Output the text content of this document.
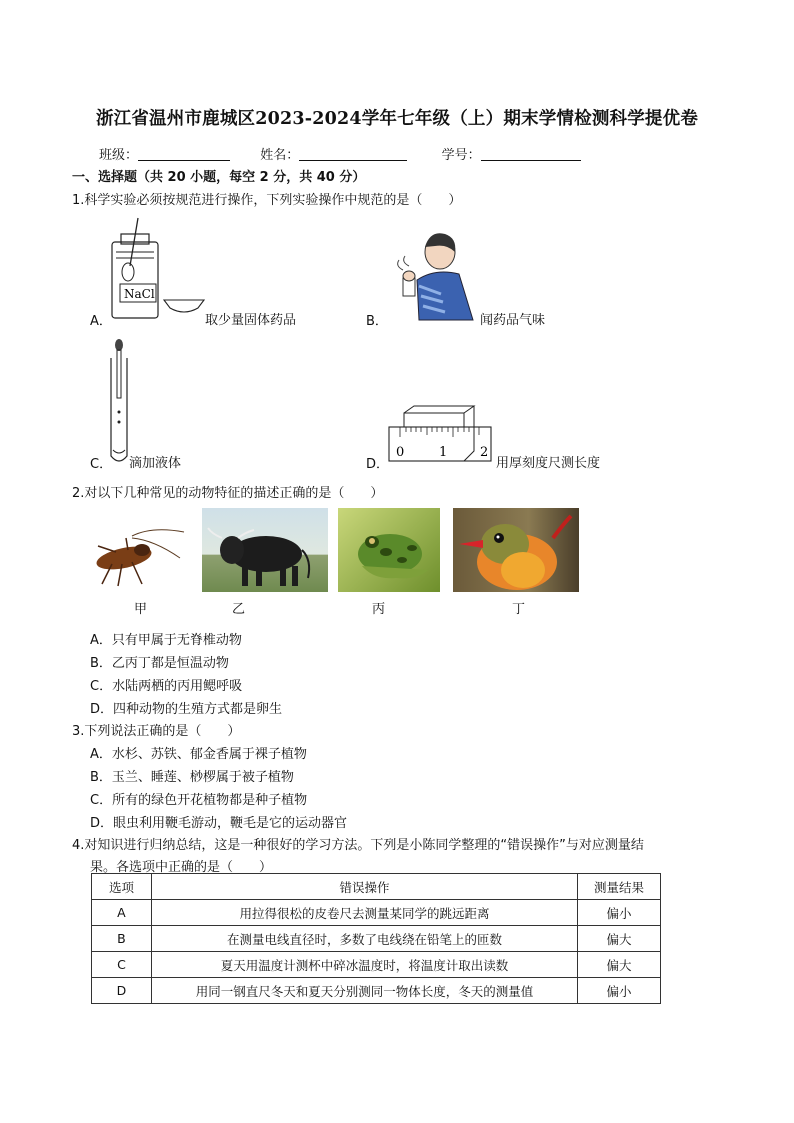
浙江省温州市鹿城区2023-2024学年七年级（上）期末学情检测科学提优卷
班级：	姓名：	学号：
一、选择题（共 20 小题，每空 2 分，共 40 分）
1.科学实验必须按规范进行操作，下列实验操作中规范的是（　　）
NaCl
A．	取少量固体药品	B．	闻药品气味
C． 滴加液体
0	1	2
D．	用厚刻度尺测长度
2.对以下几种常见的动物特征的描述正确的是（　　）
甲	乙	丙	丁
A．只有甲属于无脊椎动物
B．乙丙丁都是恒温动物
C．水陆两栖的丙用鳃呼吸
D．四种动物的生殖方式都是卵生
3.下列说法正确的是（　　）
A．水杉、苏铁、郁金香属于裸子植物
B．玉兰、睡莲、桫椤属于被子植物
C．所有的绿色开花植物都是种子植物
D．眼虫利用鞭毛游动，鞭毛是它的运动器官
4.对知识进行归纳总结，这是一种很好的学习方法。下列是小陈同学整理的“错误操作”与对应测量结
果。各选项中正确的是（　　）
选项	错误操作	测量结果
A	用拉得很松的皮卷尺去测量某同学的跳远距离	偏小
B	在测量电线直径时，多数了电线绕在铅笔上的匝数	偏大
C	夏天用温度计测杯中碎冰温度时，将温度计取出读数	偏大
D	用同一钢直尺冬天和夏天分别测同一物体长度，冬天的测量值	偏小
